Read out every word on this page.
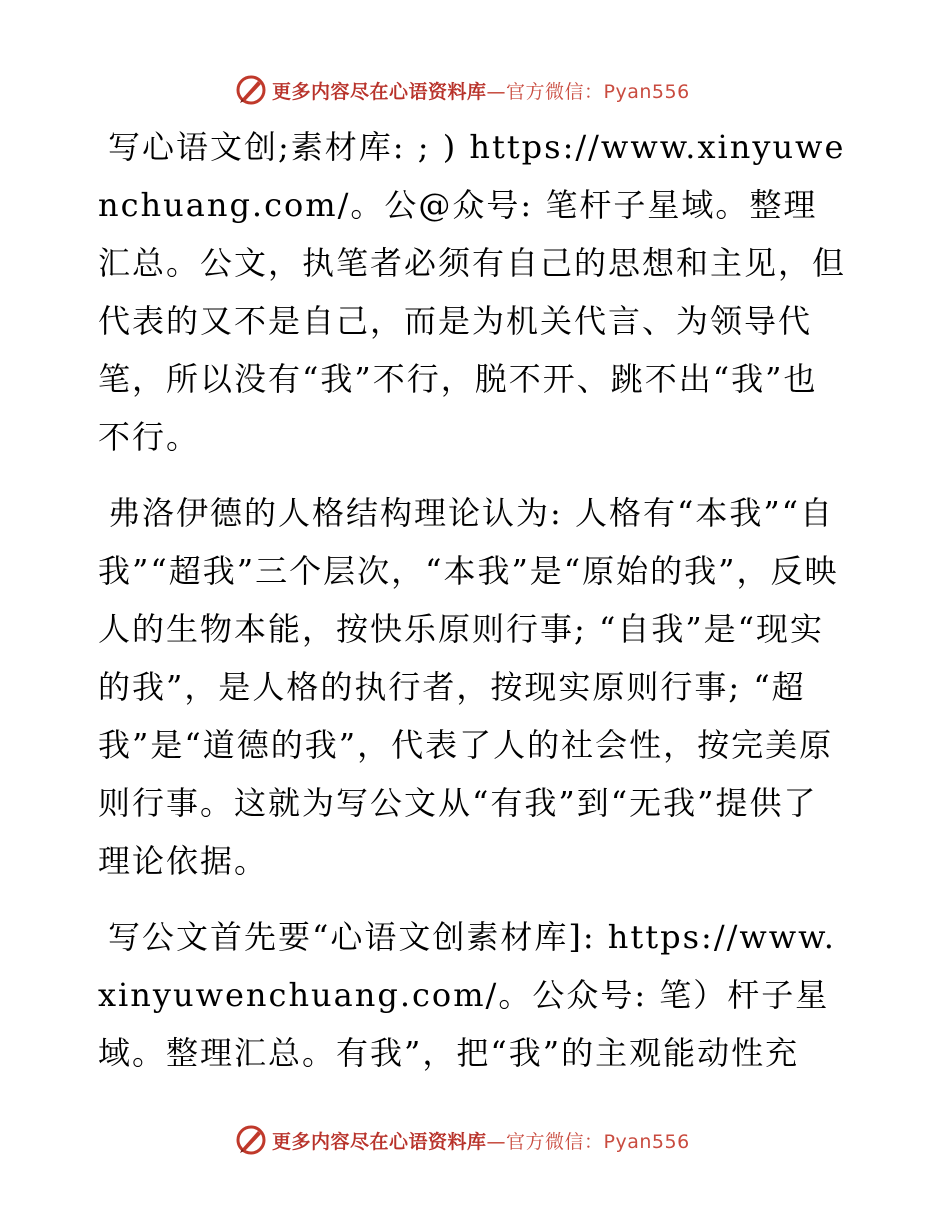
更多内容尽在心语资料库—官方微信：Pyan556

写心语文创;素材库: ; ) https://www.xinyuwenchuang.com/。公@众号: 笔杆子星域。整理汇总。公文，执笔者必须有自己的思想和主见，但代表的又不是自己，而是为机关代言、为领导代笔，所以没有“我”不行，脱不开、跳不出“我”也不行。

弗洛伊德的人格结构理论认为: 人格有“本我”“自我”“超我”三个层次，“本我”是“原始的我”，反映人的生物本能，按快乐原则行事; “自我”是“现实的我”，是人格的执行者，按现实原则行事; “超我”是“道德的我”，代表了人的社会性，按完美原则行事。这就为写公文从“有我”到“无我”提供了理论依据。

写公文首先要“心语文创素材库]: https://www.xinyuwenchuang.com/。公众号: 笔）杆子星域。整理汇总。有我”，把“我”的主观能动性充

更多内容尽在心语资料库—官方微信：Pyan556
